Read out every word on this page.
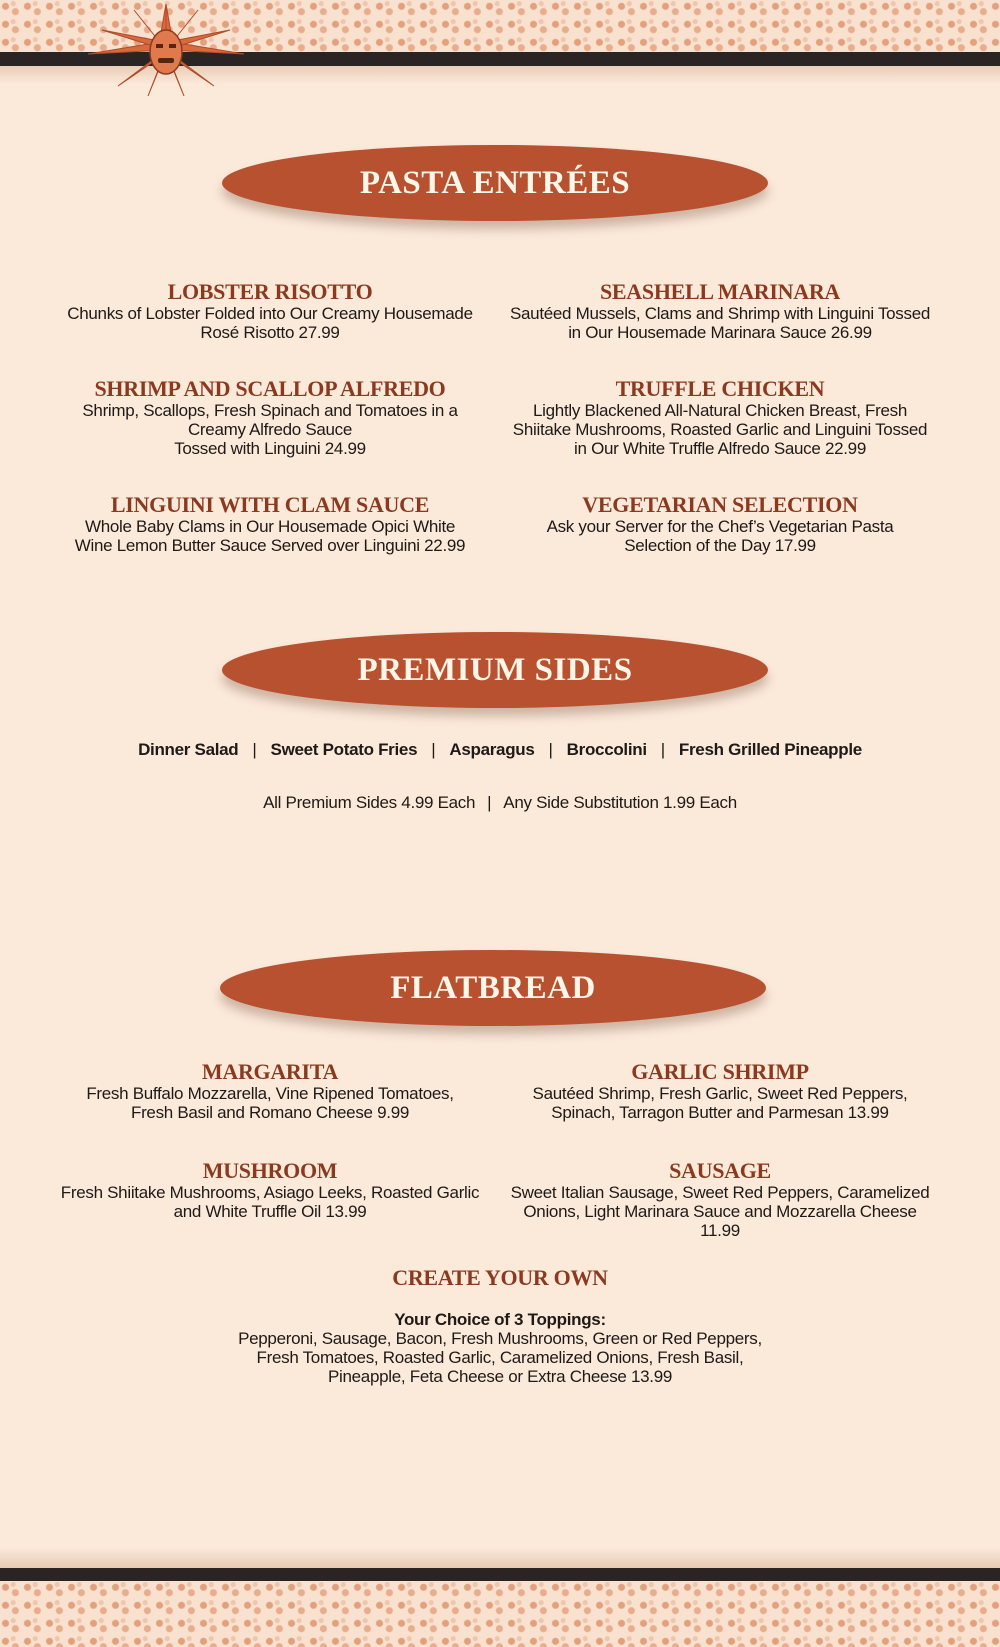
PASTA ENTRÉES
LOBSTER RISOTTO
Chunks of Lobster Folded into Our Creamy Housemade
Rosé Risotto 27.99
SEASHELL MARINARA
Sautéed Mussels, Clams and Shrimp with Linguini Tossed
in Our Housemade Marinara Sauce 26.99
SHRIMP AND SCALLOP ALFREDO
Shrimp, Scallops, Fresh Spinach and Tomatoes in a
Creamy Alfredo Sauce
Tossed with Linguini 24.99
TRUFFLE CHICKEN
Lightly Blackened All-Natural Chicken Breast, Fresh
Shiitake Mushrooms, Roasted Garlic and Linguini Tossed
in Our White Truffle Alfredo Sauce 22.99
LINGUINI WITH CLAM SAUCE
Whole Baby Clams in Our Housemade Opici White
Wine Lemon Butter Sauce Served over Linguini 22.99
VEGETARIAN SELECTION
Ask your Server for the Chef’s Vegetarian Pasta
Selection of the Day 17.99
PREMIUM SIDES
Dinner Salad | Sweet Potato Fries | Asparagus | Broccolini | Fresh Grilled Pineapple
All Premium Sides 4.99 Each | Any Side Substitution 1.99 Each
FLATBREAD
MARGARITA
Fresh Buffalo Mozzarella, Vine Ripened Tomatoes,
Fresh Basil and Romano Cheese 9.99
GARLIC SHRIMP
Sautéed Shrimp, Fresh Garlic, Sweet Red Peppers,
Spinach, Tarragon Butter and Parmesan 13.99
MUSHROOM
Fresh Shiitake Mushrooms, Asiago Leeks, Roasted Garlic
and White Truffle Oil 13.99
SAUSAGE
Sweet Italian Sausage, Sweet Red Peppers, Caramelized
Onions, Light Marinara Sauce and Mozzarella Cheese
11.99
CREATE YOUR OWN
Your Choice of 3 Toppings:
Pepperoni, Sausage, Bacon, Fresh Mushrooms, Green or Red Peppers,
Fresh Tomatoes, Roasted Garlic, Caramelized Onions, Fresh Basil,
Pineapple, Feta Cheese or Extra Cheese 13.99
